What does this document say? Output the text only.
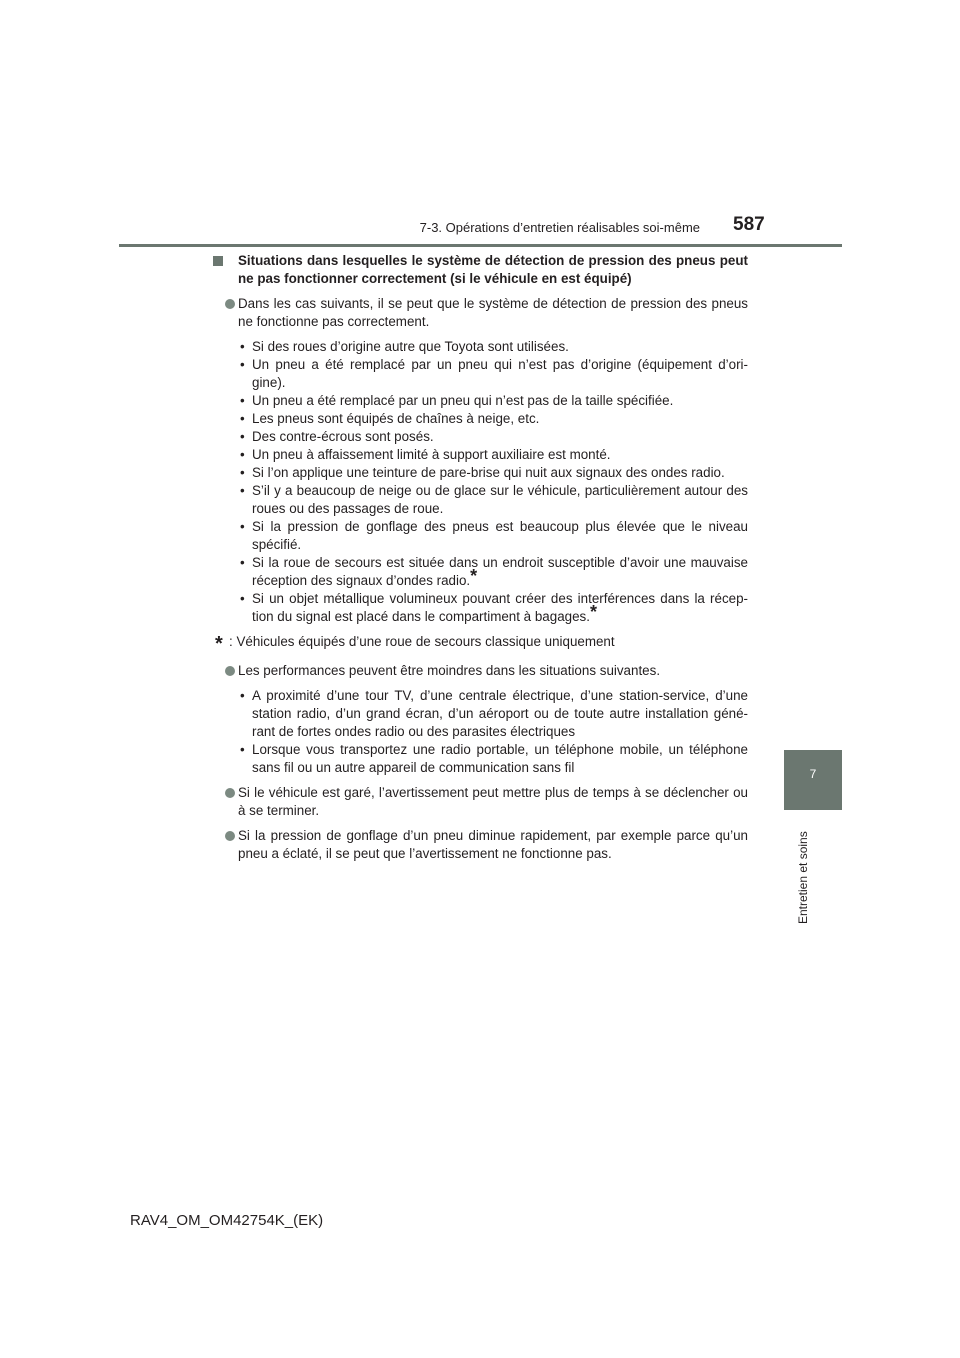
7-3. Opérations d’entretien réalisables soi-même 587
7
Entretien et soins

Situations dans lesquelles le système de détection de pression des pneus peut ne pas fonctionner correctement (si le véhicule en est équipé)

Dans les cas suivants, il se peut que le système de détection de pression des pneus ne fonctionne pas correctement.

• Si des roues d’origine autre que Toyota sont utilisées.

• Un pneu a été remplacé par un pneu qui n’est pas d’origine (équipement d’ori-gine).

• Un pneu a été remplacé par un pneu qui n’est pas de la taille spécifiée.

• Les pneus sont équipés de chaînes à neige, etc.

• Des contre-écrous sont posés.

• Un pneu à affaissement limité à support auxiliaire est monté.

• Si l’on applique une teinture de pare-brise qui nuit aux signaux des ondes radio.

• S’il y a beaucoup de neige ou de glace sur le véhicule, particulièrement autour des roues ou des passages de roue.

• Si la pression de gonflage des pneus est beaucoup plus élevée que le niveau spécifié.

• Si la roue de secours est située dans un endroit susceptible d’avoir une mauvaise réception des signaux d’ondes radio.*

• Si un objet métallique volumineux pouvant créer des interférences dans la récep-tion du signal est placé dans le compartiment à bagages.*

* : Véhicules équipés d’une roue de secours classique uniquement

Les performances peuvent être moindres dans les situations suivantes.

• A proximité d’une tour TV, d’une centrale électrique, d’une station-service, d’une station radio, d’un grand écran, d’un aéroport ou de toute autre installation géné-rant de fortes ondes radio ou des parasites électriques

• Lorsque vous transportez une radio portable, un téléphone mobile, un téléphone sans fil ou un autre appareil de communication sans fil

Si le véhicule est garé, l’avertissement peut mettre plus de temps à se déclencher ou à se terminer.

Si la pression de gonflage d’un pneu diminue rapidement, par exemple parce qu’un pneu a éclaté, il se peut que l’avertissement ne fonctionne pas.

RAV4_OM_OM42754K_(EK)
